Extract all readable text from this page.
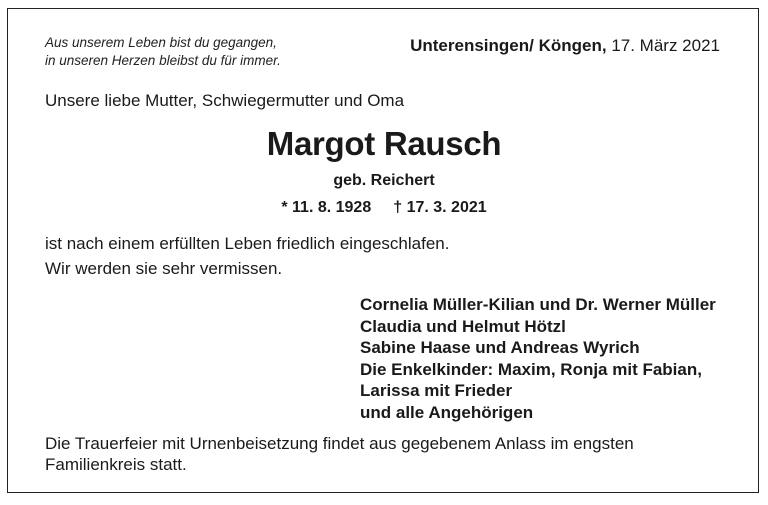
Aus unserem Leben bist du gegangen,
in unseren Herzen bleibst du für immer.
Unterensingen/ Köngen, 17. März 2021
Unsere liebe Mutter, Schwiegermutter und Oma
Margot Rausch
geb. Reichert
* 11. 8. 1928 † 17. 3. 2021
ist nach einem erfüllten Leben friedlich eingeschlafen.
Wir werden sie sehr vermissen.
Cornelia Müller-Kilian und Dr. Werner Müller
Claudia und Helmut Hötzl
Sabine Haase und Andreas Wyrich
Die Enkelkinder: Maxim, Ronja mit Fabian,
Larissa mit Frieder
und alle Angehörigen
Die Trauerfeier mit Urnenbeisetzung findet aus gegebenem Anlass im engsten
Familienkreis statt.
